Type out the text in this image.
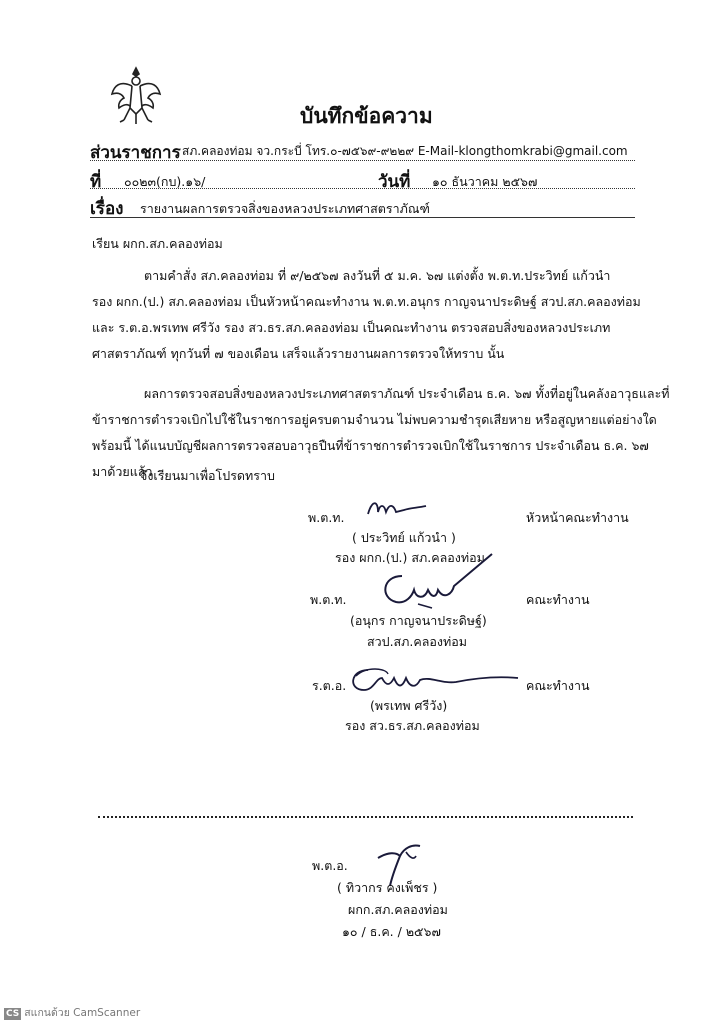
บันทึกข้อความ
ส่วนราชการ สภ.คลองท่อม จว.กระบี่ โทร.๐-๗๕๖๙-๙๒๒๙ E-Mail-klongthomkrabi@gmail.com
ที่ ๐๐๒๓(กบ).๑๖/	วันที่ ๑๐ ธันวาคม ๒๕๖๗
เรื่อง รายงานผลการตรวจสิ่งของหลวงประเภทศาสตราภัณฑ์
เรียน ผกก.สภ.คลองท่อม
ตามคำสั่ง สภ.คลองท่อม ที่ ๙/๒๕๖๗ ลงวันที่ ๕ ม.ค. ๖๗ แต่งตั้ง พ.ต.ท.ประวิทย์ แก้วนำ
รอง ผกก.(ป.) สภ.คลองท่อม เป็นหัวหน้าคณะทำงาน พ.ต.ท.อนุกร กาญจนาประดิษฐ์ สวป.สภ.คลองท่อม
และ ร.ต.อ.พรเทพ ศรีวัง รอง สว.ธร.สภ.คลองท่อม เป็นคณะทำงาน ตรวจสอบสิ่งของหลวงประเภท
ศาสตราภัณฑ์ ทุกวันที่ ๗ ของเดือน เสร็จแล้วรายงานผลการตรวจให้ทราบ นั้น
ผลการตรวจสอบสิ่งของหลวงประเภทศาสตราภัณฑ์ ประจำเดือน ธ.ค. ๖๗ ทั้งที่อยู่ในคลังอาวุธและที่
ข้าราชการตำรวจเบิกไปใช้ในราชการอยู่ครบตามจำนวน ไม่พบความชำรุดเสียหาย หรือสูญหายแต่อย่างใด
พร้อมนี้ ได้แนบบัญชีผลการตรวจสอบอาวุธปืนที่ข้าราชการตำรวจเบิกใช้ในราชการ ประจำเดือน ธ.ค. ๖๗
มาด้วยแล้ว
จึงเรียนมาเพื่อโปรดทราบ
พ.ต.ท.	หัวหน้าคณะทำงาน
( ประวิทย์ แก้วนำ )
รอง ผกก.(ป.) สภ.คลองท่อม
พ.ต.ท.	คณะทำงาน
(อนุกร กาญจนาประดิษฐ์)
สวป.สภ.คลองท่อม
ร.ต.อ.	คณะทำงาน
(พรเทพ ศรีวัง)
รอง สว.ธร.สภ.คลองท่อม
พ.ต.อ.
( ทิวากร คงเพ็ชร )
ผกก.สภ.คลองท่อม
๑๐ / ธ.ค. / ๒๕๖๗
CS สแกนด้วย CamScanner
